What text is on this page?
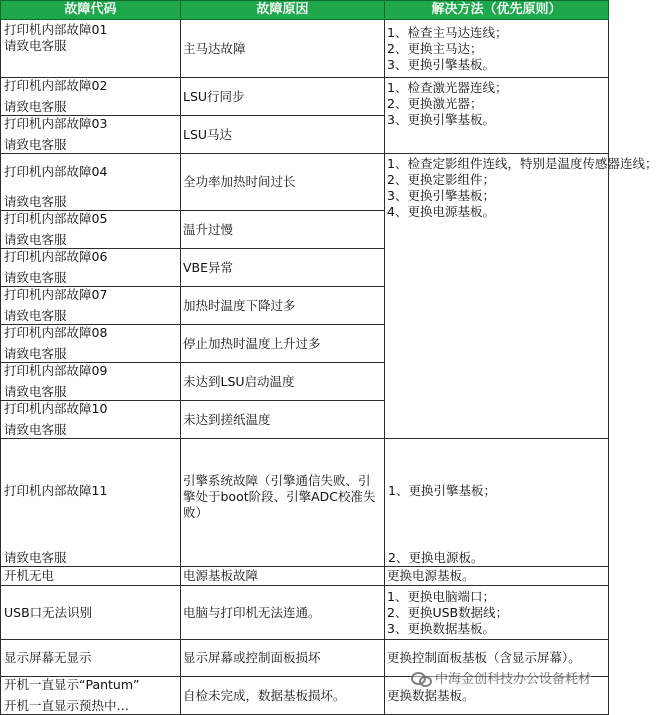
故障代码	故障原因	解决方法（优先原则）

打印机内部故障01
请致电客服	主马达故障	1、检查主马达连线；
2、更换主马达；
3、更换引擎基板。

打印机内部故障02
请致电客服	LSU行同步	1、检查激光器连线；
2、更换激光器；
3、更换引擎基板。

打印机内部故障03
请致电客服	LSU马达	

打印机内部故障04
请致电客服	全功率加热时间过长	1、检查定影组件连线，特别是温度传感器连线；
2、更换定影组件；
3、更换引擎基板；
4、更换电源基板。

打印机内部故障05
请致电客服	温升过慢	

打印机内部故障06
请致电客服	VBE异常	

打印机内部故障07
请致电客服	加热时温度下降过多	

打印机内部故障08
请致电客服	停止加热时温度上升过多	

打印机内部故障09
请致电客服	未达到LSU启动温度	

打印机内部故障10
请致电客服	未达到搓纸温度	

打印机内部故障11
请致电客服	引擎系统故障（引擎通信失败、引擎处于boot阶段、引擎ADC校准失败）	1、更换引擎基板；
2、更换电源板。

开机无电	电源基板故障	更换电源基板。
USB口无法识别	电脑与打印机无法连通。	1、更换电脑端口；
2、更换USB数据线；
3、更换数据基板。

显示屏幕无显示	显示屏幕或控制面板损坏	更换控制面板基板（含显示屏幕）。

开机一直显示“Pantum”
开机一直显示预热中…	自检未完成，数据基板损坏。	更换数据基板。
中海金创科技办公设备耗材
